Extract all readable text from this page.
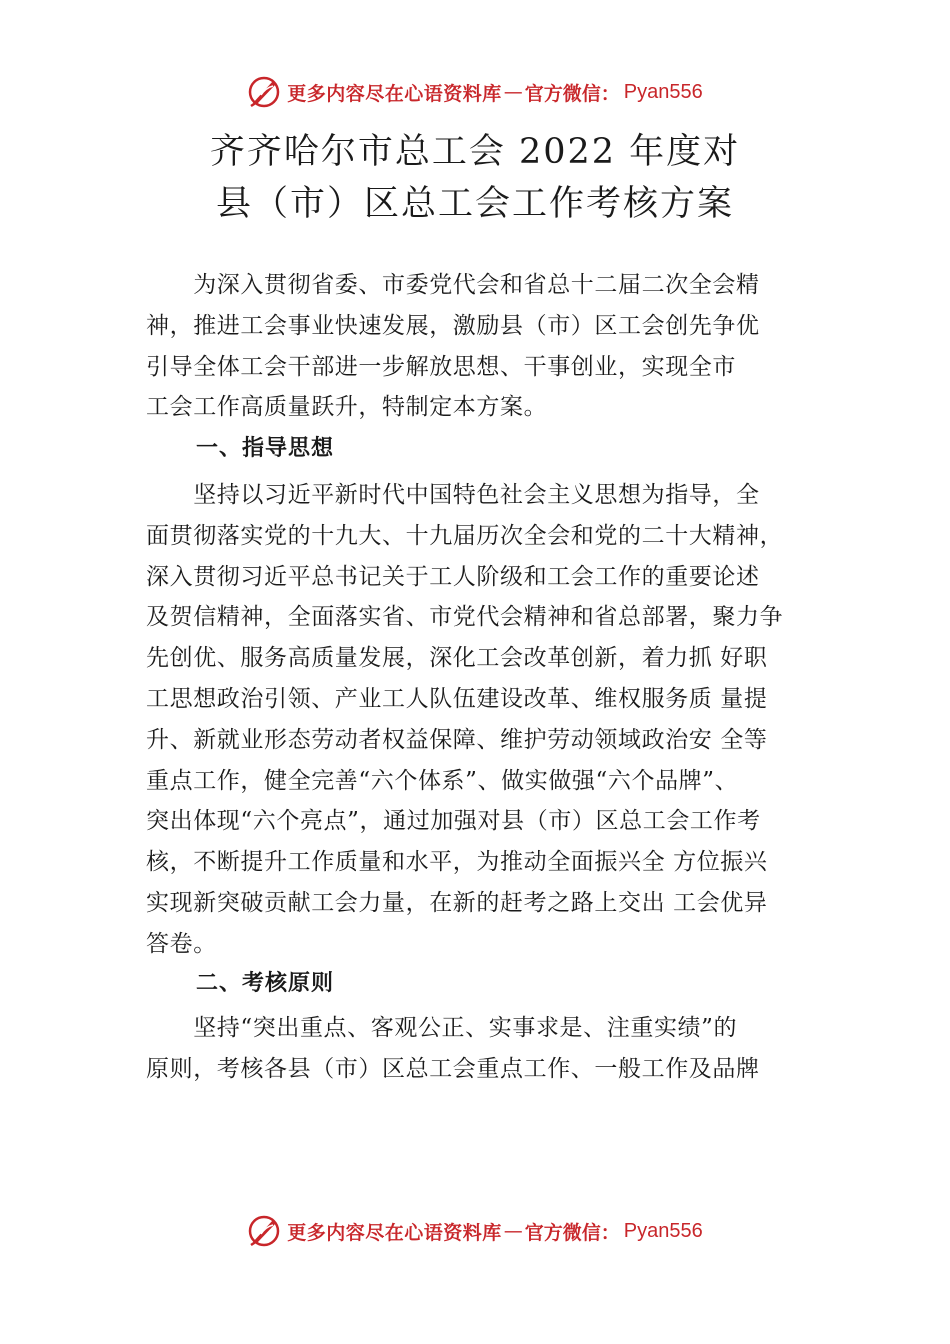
更多内容尽在心语资料库 — 官方微信： Pyan556
齐齐哈尔市总工会 2022 年度对
县（市）区总工会工作考核方案
　　为深入贯彻省委、市委党代会和省总十二届二次全会精
神，推进工会事业快速发展，激励县（市）区工会创先争优
引导全体工会干部进一步解放思想、干事创业，实现全市
工会工作高质量跃升，特制定本方案。
一、指导思想
　　坚持以习近平新时代中国特色社会主义思想为指导，全
面贯彻落实党的十九大、十九届历次全会和党的二十大精神，
深入贯彻习近平总书记关于工人阶级和工会工作的重要论述
及贺信精神，全面落实省、市党代会精神和省总部署，聚力争
先创优、服务高质量发展，深化工会改革创新，着力抓 好职
工思想政治引领、产业工人队伍建设改革、维权服务质 量提
升、新就业形态劳动者权益保障、维护劳动领域政治安 全等
重点工作，健全完善“六个体系”、做实做强“六个品牌”、
突出体现“六个亮点”，通过加强对县（市）区总工会工作考
核，不断提升工作质量和水平，为推动全面振兴全 方位振兴
实现新突破贡献工会力量，在新的赶考之路上交出 工会优异
答卷。
二、考核原则
　　坚持“突出重点、客观公正、实事求是、注重实绩”的
原则，考核各县（市）区总工会重点工作、一般工作及品牌
更多内容尽在心语资料库 — 官方微信： Pyan556
